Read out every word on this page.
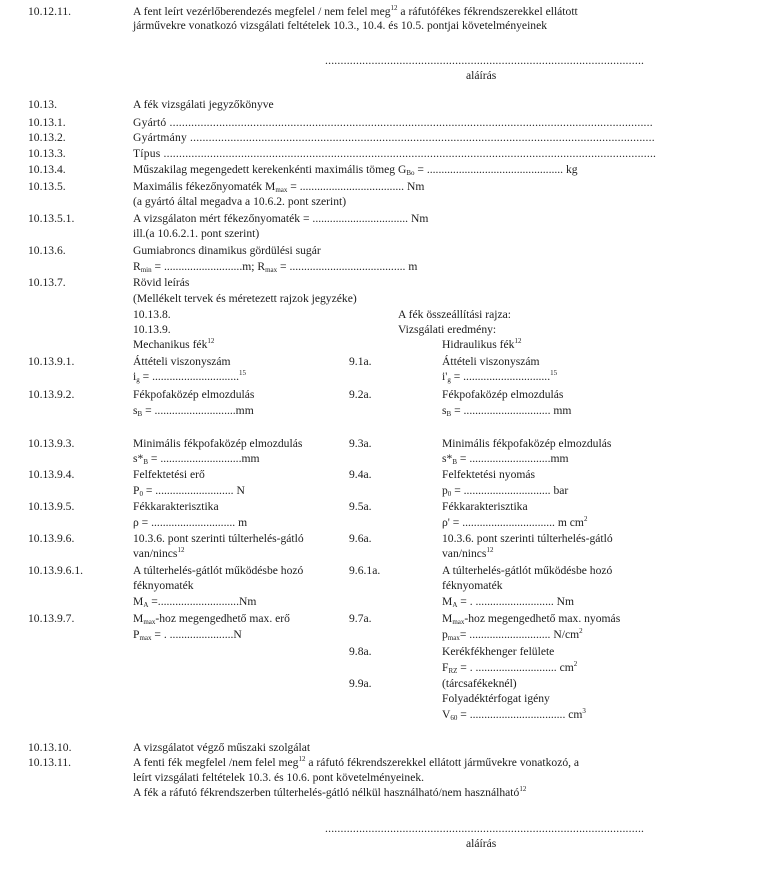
10.12.11.	A fent leírt vezérlőberendezés megfelel / nem felel meg$^{12}$ a ráfutófékes fékrendszerekkel ellátott
járművekre vonatkozó vizsgálati feltételek 10.3., 10.4. és 10.5. pontjai követelményeinek
.......................................................................................................
aláírás
10.13.	A fék vizsgálati jegyzőkönyve
10.13.1.	Gyártó ............................................................................................................................................................
10.13.2.	Gyártmány ......................................................................................................................................................
10.13.3.	Típus ...............................................................................................................................................................
10.13.4.	Műszakilag megengedett kerekenkénti maximális tömeg $G_{Bo}$ = ............................................... kg
10.13.5.	Maximális fékezőnyomaték $M_{max}$ = .................................... Nm
(a gyártó által megadva a 10.6.2. pont szerint)
10.13.5.1.	A vizsgálaton mért fékezőnyomaték = ................................. Nm
ill.(a 10.6.2.1. pont szerint)
10.13.6.	Gumiabroncs dinamikus gördülési sugár
$R_{min} = ...........................m$; $R_{max}$ = ........................................ m
10.13.7.	Rövid leírás
(Mellékelt tervek és méretezett rajzok jegyzéke)
10.13.8.	A fék összeállítási rajza:
10.13.9.	Vizsgálati eredmény:
Mechanikus fék$^{12}$	Hidraulikus fék$^{12}$
10.13.9.1.	Áttételi viszonyszám	9.1a.	Áttételi viszonyszám
$i_g = ..............................^{15}$	$i'_g = ..............................^{15}$
10.13.9.2.	Fékpofaközép elmozdulás	9.2a.	Fékpofaközép elmozdulás
$s_B = ............................mm$	$s_B$ = .............................. mm
10.13.9.3.	Minimális fékpofaközép elmozdulás	9.3a.	Minimális fékpofaközép elmozdulás
$s*_B = ............................mm$	$s*_B = ............................mm$
10.13.9.4.	Felfektetési erő	9.4a.	Felfektetési nyomás
$P_0$ = ........................... N	$p_0$ = .............................. bar
10.13.9.5.	Fékkarakterisztika	9.5a.	Fékkarakterisztika
ρ = ............................. m	ρ' = ................................ m $cm^2$
10.13.9.6.	10.3.6. pont szerinti túlterhelés-gátló	9.6a.	10.3.6. pont szerinti túlterhelés-gátló
van/nincs$^{12}$	van/nincs$^{12}$
10.13.9.6.1.	A túlterhelés-gátlót működésbe hozó	9.6.1a.	A túlterhelés-gátlót működésbe hozó
féknyomaték	féknyomaték
$M_A =............................Nm$	$M_A$ = . ........................... Nm
10.13.9.7.	$M_{max}$-hoz megengedhető max. erő	9.7a.	$M_{max}$-hoz megengedhető max. nyomás
$P_{max}$ = . ......................N	$p_{max}=$ ............................ $N/cm^2$
9.8a.	Kerékfékhenger felülete
$F_{RZ}$ = . ............................ $cm^2$
9.9a.	(tárcsafékeknél)
Folyadéktérfogat igény
$V_{60}$ = ................................. $cm^3$
10.13.10.	A vizsgálatot végző műszaki szolgálat
10.13.11.	A fenti fék megfelel /nem felel meg$^{12}$ a ráfutó fékrendszerekkel ellátott járművekre vonatkozó, a
leírt vizsgálati feltételek 10.3. és 10.6. pont követelményeinek.
A fék a ráfutó fékrendszerben túlterhelés-gátló nélkül használható/nem használható$^{12}$
.......................................................................................................
aláírás
